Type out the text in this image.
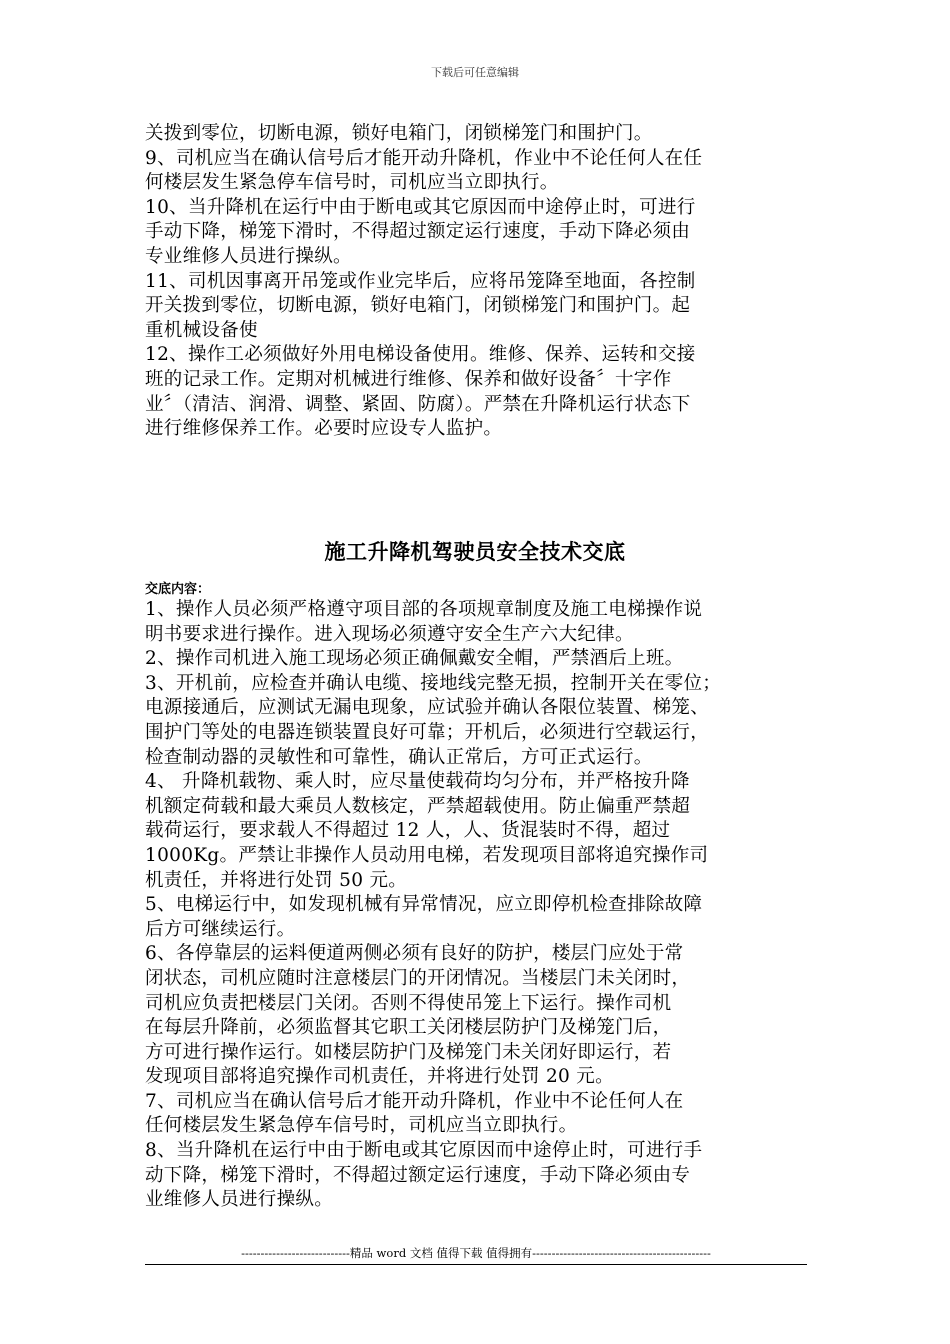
下载后可任意编辑
关拨到零位，切断电源，锁好电箱门，闭锁梯笼门和围护门。
9、司机应当在确认信号后才能开动升降机，作业中不论任何人在任
何楼层发生紧急停车信号时，司机应当立即执行。
10、当升降机在运行中由于断电或其它原因而中途停止时，可进行
手动下降，梯笼下滑时，不得超过额定运行速度，手动下降必须由
专业维修人员进行操纵。
11、司机因事离开吊笼或作业完毕后，应将吊笼降至地面，各控制
开关拨到零位，切断电源，锁好电箱门，闭锁梯笼门和围护门。起
重机械设备使
12、操作工必须做好外用电梯设备使用。维修、保养、运转和交接
班的记录工作。定期对机械进行维修、保养和做好设备〞十字作
业〞（清洁、润滑、调整、紧固、防腐）。严禁在升降机运行状态下
进行维修保养工作。必要时应设专人监护。
施工升降机驾驶员安全技术交底
交底内容：
1、操作人员必须严格遵守项目部的各项规章制度及施工电梯操作说
明书要求进行操作。进入现场必须遵守安全生产六大纪律。
2、操作司机进入施工现场必须正确佩戴安全帽，严禁酒后上班。
3、开机前，应检查并确认电缆、接地线完整无损，控制开关在零位；
电源接通后，应测试无漏电现象，应试验并确认各限位装置、梯笼、
围护门等处的电器连锁装置良好可靠；开机后，必须进行空载运行，
检查制动器的灵敏性和可靠性，确认正常后，方可正式运行。
4、 升降机载物、乘人时，应尽量使载荷均匀分布，并严格按升降
机额定荷载和最大乘员人数核定，严禁超载使用。防止偏重严禁超
载荷运行，要求载人不得超过 12 人，人、货混装时不得，超过
1000Kg。严禁让非操作人员动用电梯，若发现项目部将追究操作司
机责任，并将进行处罚 50 元。
5、电梯运行中，如发现机械有异常情况，应立即停机检查排除故障
后方可继续运行。
6、各停靠层的运料便道两侧必须有良好的防护，楼层门应处于常
闭状态，司机应随时注意楼层门的开闭情况。当楼层门未关闭时，
司机应负责把楼层门关闭。否则不得使吊笼上下运行。操作司机
在每层升降前，必须监督其它职工关闭楼层防护门及梯笼门后，
方可进行操作运行。如楼层防护门及梯笼门未关闭好即运行，若
发现项目部将追究操作司机责任，并将进行处罚 20 元。
7、司机应当在确认信号后才能开动升降机，作业中不论任何人在
任何楼层发生紧急停车信号时，司机应当立即执行。
8、当升降机在运行中由于断电或其它原因而中途停止时，可进行手
动下降，梯笼下滑时，不得超过额定运行速度，手动下降必须由专
业维修人员进行操纵。
----------------------------精品 word 文档 值得下载 值得拥有----------------------------------------------
